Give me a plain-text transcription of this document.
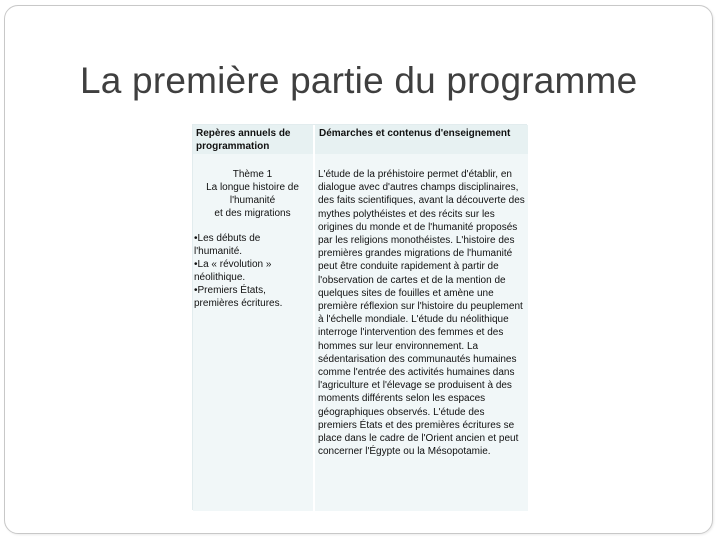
La première partie du programme
Repères annuels de programmation
Démarches et contenus d'enseignement
Thème 1
La longue histoire de
l'humanité
et des migrations
•Les débuts de l'humanité.
•La « révolution » néolithique.
•Premiers États, premières écritures.
L'étude de la préhistoire permet d'établir, en dialogue avec d'autres champs disciplinaires, des faits scientifiques, avant la découverte des mythes polythéistes et des récits sur les origines du monde et de l'humanité proposés par les religions monothéistes. L'histoire des premières grandes migrations de l'humanité peut être conduite rapidement à partir de l'observation de cartes et de la mention de quelques sites de fouilles et amène une première réflexion sur l'histoire du peuplement à l'échelle mondiale. L'étude du néolithique interroge l'intervention des femmes et des hommes sur leur environnement. La sédentarisation des communautés humaines comme l'entrée des activités humaines dans l'agriculture et l'élevage se produisent à des moments différents selon les espaces géographiques observés. L'étude des premiers États et des premières écritures se place dans le cadre de l'Orient ancien et peut concerner l'Égypte ou la Mésopotamie.
